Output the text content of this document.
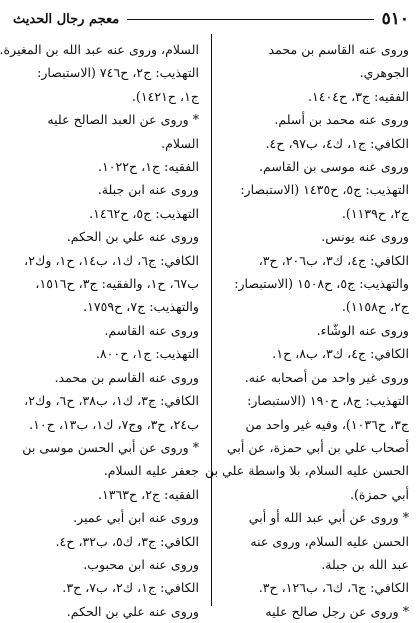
٥١٠
معجم رجال الحديث
وروى عنه القاسم بن محمد
الجوهري.
الفقيه: ج٣، ح١٤٠٤.
وروى عنه محمد بن أسلم.
الكافي: ج١، ك٤، ب٩٧، ح٤.
وروى عنه موسى بن القاسم.
التهذيب: ج٥، ح١٤٣٥ (الاستبصار:
ج٢، ح١١٣٩).
وروى عنه يونس.
الكافي: ج٤، ك٣، ب٢٠٦، ح٣،
والتهذيب: ج٥، ح١٥٠٨ (الاستبصار:
ج٢، ح١١٥٨).
وروى عنه الوشّاء.
الكافي: ج٤، ك٣، ب٨، ح١.
وروى غير واحد من أصحابه عنه.
التهذيب: ج٨، ح١٩٠ (الاستبصار:
ج٣، ح١٠٣٦)، وفيه غير واحد من
أصحاب علي بن أبي حمزة، عن أبي
الحسن عليه السلام، بلا واسطة علي بن
أبي حمزة).
* وروى عن أبي عبد الله أو أبي
الحسن عليه السلام، وروى عنه
عبد الله بن جبلة.
الكافي: ج٦، ك٦، ب١٢٦، ح٣.
* وروى عن رجل صالح عليه
السلام، وروى عنه عبد الله بن المغيرة.
التهذيب: ج٢، ح٧٤٦ (الاستبصار:
ج١، ح١٤٢١).
* وروى عن العبد الصالح عليه
السلام.
الفقيه: ج١، ح١٠٢٢.
وروى عنه ابن جبلة.
التهذيب: ج٥، ح١٤٦٢.
وروى عنه علي بن الحكم.
الكافي: ج٦، ك١، ب١٤، ح١، وك٢،
ب٦٧، ح١، والفقيه: ج٣، ح١٥١٦،
والتهذيب: ج٧، ح١٧٥٩.
وروى عنه القاسم.
التهذيب: ج١، ح٨٠٠.
وروى عنه القاسم بن محمد.
الكافي: ج٣، ك١، ب٣٨، ح٦، وك٢،
ب٢٤، ح٣، وج٧، ك١، ب١٣، ح١٠.
* وروى عن أبي الحسن موسى بن
جعفر عليه السلام.
الفقيه: ج٢، ح١٣٦٣.
وروى عنه ابن أبي عمير.
الكافي: ج٣، ك٥، ب٣٢، ح٤.
وروى عنه ابن محبوب.
الكافي: ج١، ك٢، ب٧، ح٣.
وروى عنه علي بن الحكم.
